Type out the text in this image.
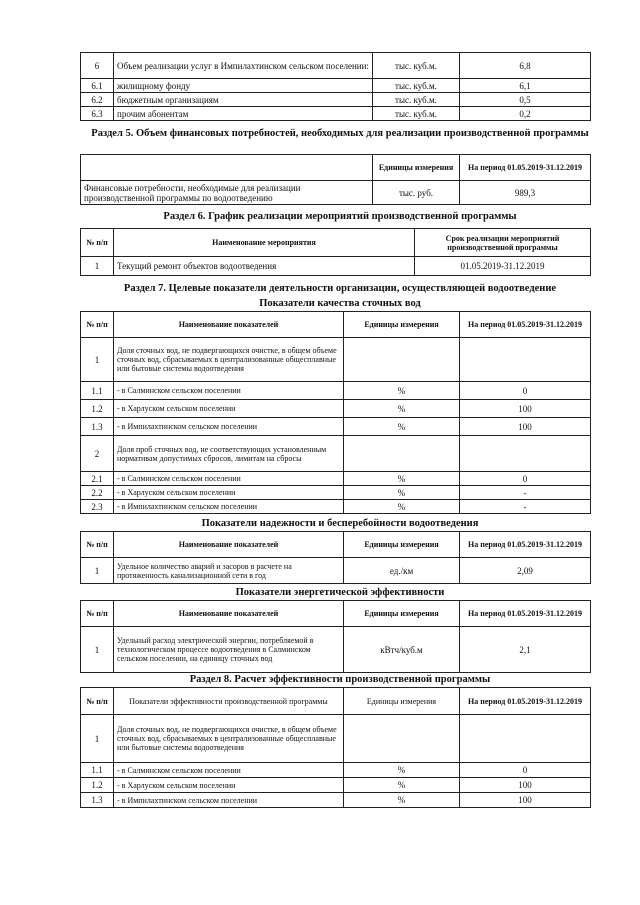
6	Объем реализации услуг в Импилахтинском сельском поселении:	тыс. куб.м.	6,8
6.1	жилищному фонду	тыс. куб.м.	6,1
6.2	бюджетным организациям	тыс. куб.м.	0,5
6.3	прочим абонентам	тыс. куб.м.	0,2
Раздел 5. Объем финансовых потребностей, необходимых для реализации производственной программы
	Единицы измерения	На период 01.05.2019-31.12.2019
Финансовые потребности, необходимые для реализации производственной программы по водоотведению	тыс. руб.	989,3
Раздел 6. График реализации мероприятий производственной программы
№ п/п	Наименование мероприятия	Срок реализации мероприятий производственной программы
1	Текущий ремонт объектов водоотведения	01.05.2019-31.12.2019
Раздел 7. Целевые показатели деятельности организации, осуществляющей водоотведение
Показатели качества сточных вод
№ п/п	Наименование показателей	Единицы измерения	На период 01.05.2019-31.12.2019
1	Доля сточных вод, не подвергающихся очистке, в общем объеме сточных вод, сбрасываемых в централизованные общесплавные или бытовые системы водоотведения		
1.1	- в Салминском сельском поселении	%	0
1.2	- в Харлуском сельском поселении	%	100
1.3	- в Импилахтинском сельском поселении	%	100
2	Доля проб сточных вод, не соответствующих установленным нормативам допустимых сбросов, лимитам на сбросы		
2.1	- в Салминском сельском поселении	%	0
2.2	- в Харлуском сельском поселении	%	-
2.3	- в Импилахтинском сельском поселении	%	-
Показатели надежности и бесперебойности водоотведения
№ п/п	Наименование показателей	Единицы измерения	На период 01.05.2019-31.12.2019
1	Удельное количество аварий и засоров в расчете на протяженность канализационной сети в год	ед./км	2,09
Показатели энергетической эффективности
№ п/п	Наименование показателей	Единицы измерения	На период 01.05.2019-31.12.2019
1	Удельный расход электрической энергии, потребляемой в технологическом процессе водоотведения в Салминском сельском поселении, на единицу сточных вод	кВтч/куб.м	2,1
Раздел 8. Расчет эффективности производственной программы
№ п/п	Показатели эффективности производственной программы	Единицы измерения	На период 01.05.2019-31.12.2019
1	Доля сточных вод, не подвергающихся очистке, в общем объеме сточных вод, сбрасываемых в централизованные общесплавные или бытовые системы водоотведения		
1.1	- в Салминском сельском поселении	%	0
1.2	- в Харлуском сельском поселении	%	100
1.3	- в Импилахтинском сельском поселении	%	100
